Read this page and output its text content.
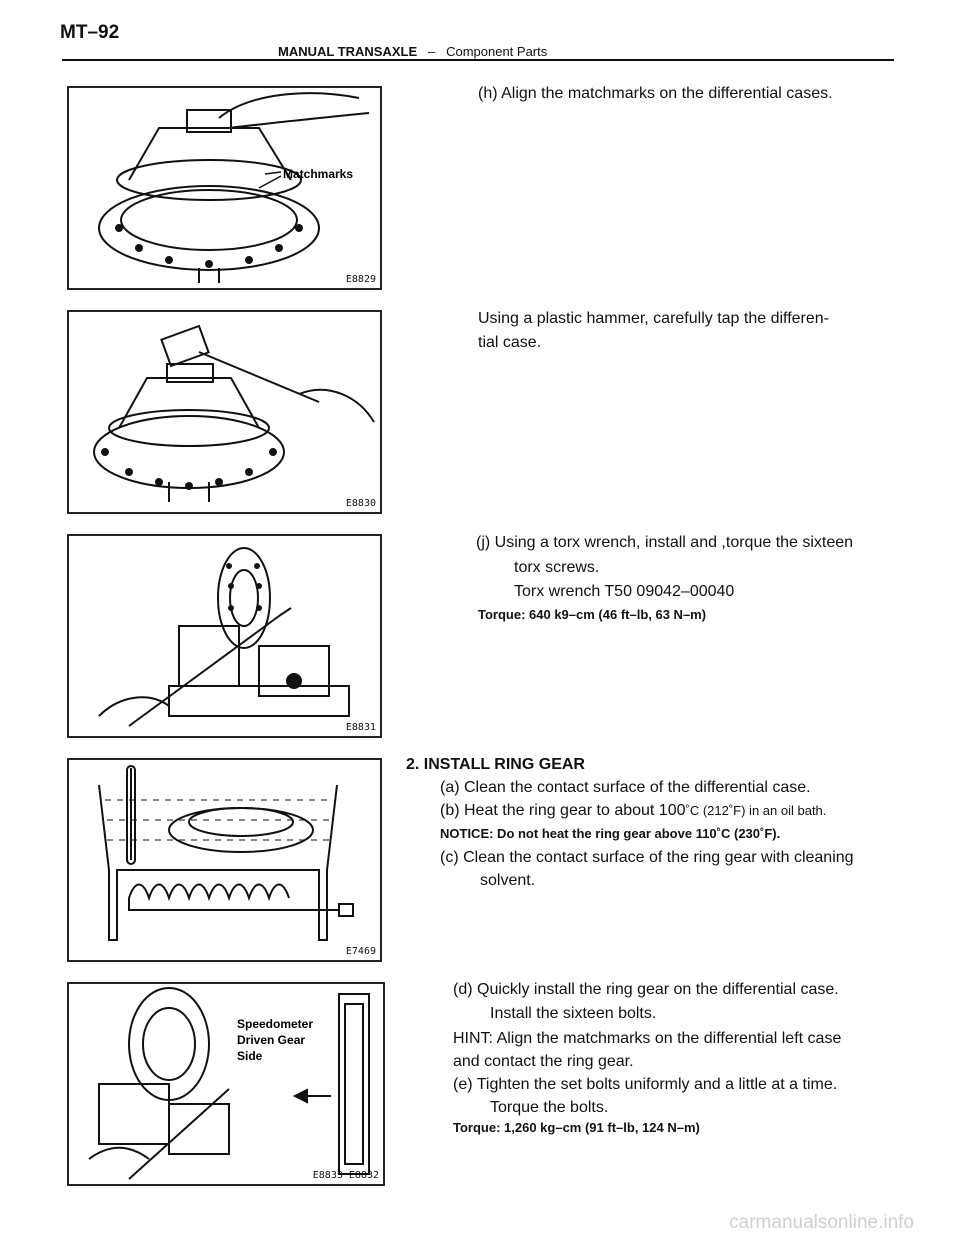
MT–92
MANUAL TRANSAXLE – Component Parts
Matchmarks
E8829
E8830
E8831
E7469
Speedometer Driven Gear Side
E8833 E8832
(h) Align the matchmarks on the differential cases.
Using a plastic hammer, carefully tap the differen-
tial case.
(j) Using a torx wrench, install and ,torque the sixteen
torx screws.
Torx wrench T50 09042–00040
Torque: 640 k9–cm (46 ft–lb, 63 N–m)
2. INSTALL RING GEAR
(a) Clean the contact surface of the differential case.
(b) Heat the ring gear to about 100˚C (212˚F) in an oil bath.
NOTICE: Do not heat the ring gear above 110˚C (230˚F).
(c) Clean the contact surface of the ring gear with cleaning
solvent.
(d) Quickly install the ring gear on the differential case.
Install the sixteen bolts.
HINT: Align the matchmarks on the differential left case
and contact the ring gear.
(e) Tighten the set bolts uniformly and a little at a time.
Torque the bolts.
Torque: 1,260 kg–cm (91 ft–lb, 124 N–m)
carmanualsonline.info
